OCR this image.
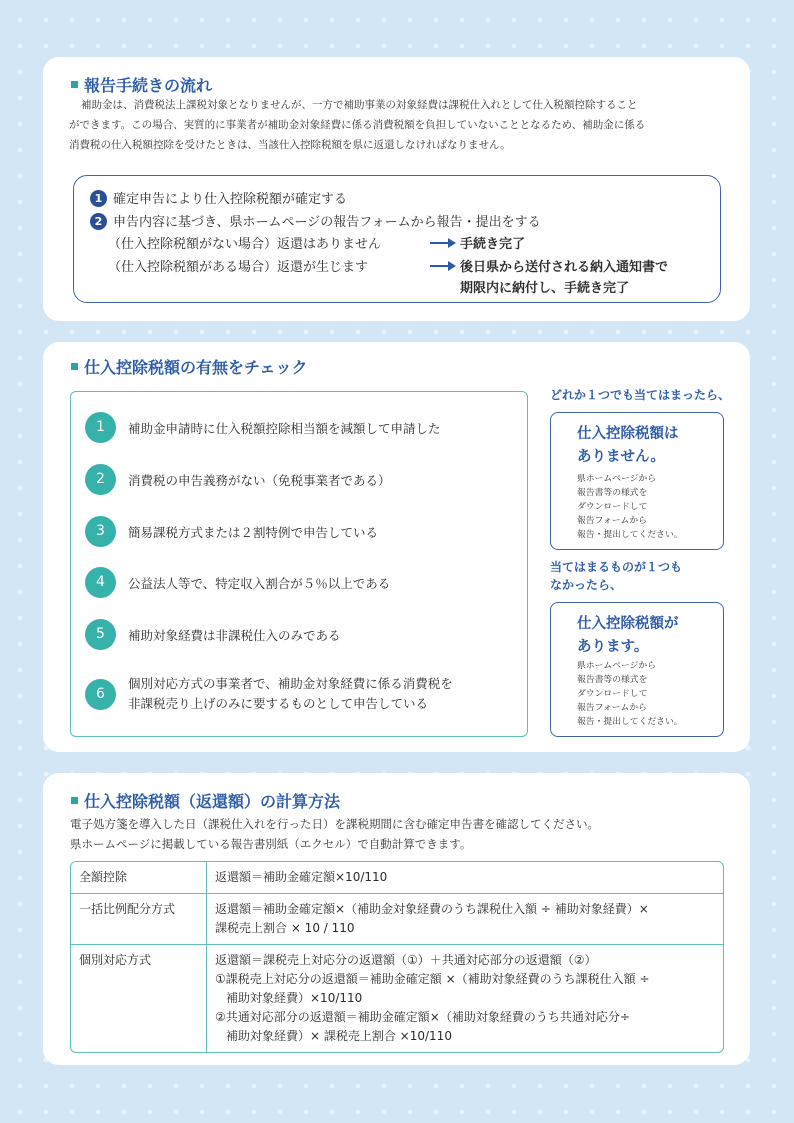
報告手続きの流れ
補助金は、消費税法上課税対象となりませんが、一方で補助事業の対象経費は課税仕入れとして仕入税額控除すること
ができます。この場合、実質的に事業者が補助金対象経費に係る消費税額を負担していないこととなるため、補助金に係る
消費税の仕入税額控除を受けたときは、当該仕入控除税額を県に返還しなければなりません。
1 確定申告により仕入控除税額が確定する
2 申告内容に基づき、県ホームページの報告フォームから報告・提出をする
（仕入控除税額がない場合）返還はありません	手続き完了
（仕入控除税額がある場合）返還が生じます	後日県から送付される納入通知書で
期限内に納付し、手続き完了
仕入控除税額の有無をチェック
1	補助金申請時に仕入税額控除相当額を減額して申請した
2	消費税の申告義務がない（免税事業者である）
3	簡易課税方式または２割特例で申告している
4	公益法人等で、特定収入割合が５％以上である
5	補助対象経費は非課税仕入のみである
6
個別対応方式の事業者で、補助金対象経費に係る消費税を
非課税売り上げのみに要するものとして申告している
どれか１つでも当てはまったら、
仕入控除税額は
ありません。
県ホームページから
報告書等の様式を
ダウンロードして
報告フォームから
報告・提出してください。
当てはまるものが１つも
なかったら、
仕入控除税額が
あります。
県ホームページから
報告書等の様式を
ダウンロードして
報告フォームから
報告・提出してください。
仕入控除税額（返還額）の計算方法
電子処方箋を導入した日（課税仕入れを行った日）を課税期間に含む確定申告書を確認してください。
県ホームページに掲載している報告書別紙（エクセル）で自動計算できます。
全額控除	返還額＝補助金確定額×10/110
一括比例配分方式	返還額＝補助金確定額×（補助金対象経費のうち課税仕入額 ÷ 補助対象経費）×
課税売上割合 × 10 / 110
個別対応方式	返還額＝課税売上対応分の返還額（①）＋共通対応部分の返還額（②）
①課税売上対応分の返還額＝補助金確定額 ×（補助対象経費のうち課税仕入額 ÷
補助対象経費）×10/110
②共通対応部分の返還額＝補助金確定額×（補助対象経費のうち共通対応分÷
補助対象経費）× 課税売上割合 ×10/110
